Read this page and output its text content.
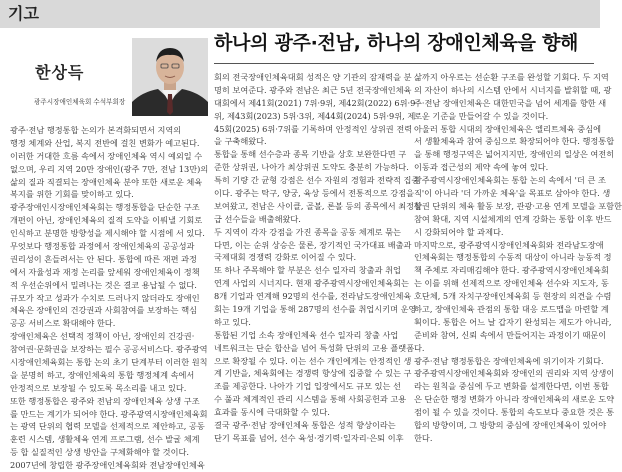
기고
하나의 광주·전남, 하나의 장애인체육을 향해
한상득
광주시장애인체육회 수석부회장
광주·전남 행정통합 논의가 본격화되면서 지역의
행정 체계와 산업, 복지 전반에 걸친 변화가 예고된다.
이러한 거대한 흐름 속에서 장애인체육 역시 예외일 수
없으며, 우리 지역 20만 장애인(광주 7만, 전남 13만)의
삶의 질과 직결되는 장애인체육 분야 또한 새로운 체육
복지를 위한 기회를 맞이하고 있다.
광주장애인시장애인체육회는 행정통합을 단순한 구조
개편이 아닌, 장애인체육의 질적 도약을 이뤄낼 기회로
인식하고 분명한 방향성을 제시해야 할 시점에 서 있다.
무엇보다 행정통합 과정에서 장애인체육의 공공성과
권리성이 흔들려서는 안 된다. 통합에 따른 재편 과정
에서 자율성과 재정 논리를 앞세워 장애인체육이 정책
적 우선순위에서 밀려나는 것은 결코 용납될 수 없다.
규모가 작고 성과가 수치로 드러나지 않더라도 장애인
체육은 장애인의 건강권과 사회참여를 보장하는 핵심
공공 서비스로 확대해야 한다.
장애인체육은 선택적 정책이 아닌, 장애인의 건강권·
참여권·문화권을 보장하는 필수 공공서비스다. 광주광역
시장애인체육회는 통합 논의 초기 단계부터 이러한 원칙
을 분명히 하고, 장애인체육의 통합 행정체계 속에서
안정적으로 보장될 수 있도록 목소리를 내고 있다.
또한 행정통합은 광주와 전남의 장애인체육 상생 구조
를 만드는 계기가 되어야 한다. 광주광역시장애인체육회
는 광역 단위의 협력 모델을 선제적으로 제안하고, 공동
훈련 시스템, 생활체육 연계 프로그램, 선수 발굴 체계
등 합 실질적인 상생 방안을 구체화해야 할 것이다.
2007년에 창립한 광주장애인체육회와 전남장애인체육
회의 전국장애인체육대회 성적은 양 기관의 잠재력을 분
명히 보여준다. 광주와 전남은 최근 5년 전국장애인체육
대회에서 제41회(2021) 7위·9위, 제42회(2022) 6위·9
위, 제43회(2023) 5위·3위, 제44회(2024) 5위·9위, 제
45회(2025) 6위·7위를 기록하며 안정적인 상위권 전력
을 구축해왔다.
통합을 통해 선수층과 종목 기반을 상호 보완한다면 구
준한 상위권, 나아가 최상위권 도약도 충분히 가능하다.
특히 기량 간 균형 강점은 선수 자원의 경험과 전략적 집중
이다. 광주는 탁구, 양궁, 육상 등에서 전통적으로 강점을
보여왔고, 전남은 사이클, 골볼, 론볼 등의 종목에서 최정상
급 선수들을 배출해왔다.
두 지역이 각자 강점을 가진 종목을 공동 체계로 묶는
다면, 이는 순위 상승은 물론, 장기적인 국가대표 배출과
국제대회 경쟁력 강화로 이어질 수 있다.
또 하나 주목해야 할 부분은 선수 일자리 창출과 취업
연계 사업의 시너지다. 현재 광주광역시장애인체육회는
8개 기업과 연계해 92명의 선수를, 전라남도장애인체육
회는 19개 기업을 통해 287명의 선수를 취업시키며 운영
하고 있다.
통합된 기업 소속 장애인체육 선수 일자리 창출 사업
네트워크는 단순 합산을 넘어 특성화 단위의 고용 플랫폼
으로 확장될 수 있다. 이는 선수 개인에게는 안정적인 생
계 기반을, 체육회에는 경쟁력 향상에 집중할 수 있는 구
조를 제공한다. 나아가 기업 입장에서도 규모 있는 선
수 풀과 체계적인 관리 시스템을 통해 사회공헌과 고용
효과를 동시에 극대화할 수 있다.
결국 광주·전남 장애인체육 통합은 성적 향상이라는
단기 목표를 넘어, 선수 육성·경기력·일자리·은퇴 이후
삶까지 아우르는 선순환 구조를 완성할 기회다. 두 지역
의 자산이 하나의 시스템 안에서 시너지를 발휘할 때, 광
주·전남 장애인체육은 대한민국을 넘어 세계를 향한 새
로운 기준을 만들어갈 수 있을 것이다.
아울러 통합 시대의 장애인체육은 엘리트체육 중심에
서 생활체육과 참여 중심으로 확장되어야 한다. 행정통합
을 통해 행정구역은 넓어지지만, 장애인의 일상은 여전히
이동과 접근성의 제약 속에 놓여 있다.
광주광역시장애인체육회는 통합 논의 속에서 '더 큰 조
직'이 아니라 '더 가까운 체육'을 목표로 삼아야 한다. 생
활권 단위의 체육 활동 보장, 관광·고용 연계 모델을 포함한
참여 확대, 지역 시설체계의 연계 강화는 통합 이후 반드
시 강화되어야 할 과제다.
마지막으로, 광주광역시장애인체육회와 전라남도장애
인체육회는 행정통합의 수동적 대상이 아니라 능동적 정
책 주체로 자리매김해야 한다. 광주광역시장애인체육회
는 이를 위해 선제적으로 장애인체육 선수와 지도자, 동
호단체, 5개 자치구장애인체육회 등 현장의 의견을 수렴
하고, 장애인체육 관점의 통합 대응 로드맵을 마련할 계
획이다. 통합은 어느 날 갑자기 완성되는 제도가 아니라,
준비와 참여, 신뢰 속에서 만들어지는 과정이기 때문이
다.
광주·전남 행정통합은 장애인체육에 위기이자 기회다.
광주광역시장애인체육회와 장애인의 권리와 지역 상생이
라는 원칙을 중심에 두고 변화를 설계한다면, 이번 통합
은 단순한 행정 변화가 아니라 장애인체육의 새로운 도약
점이 될 수 있을 것이다. 통합의 속도보다 중요한 것은 통
합의 방향이며, 그 방향의 중심에 장애인체육이 있어야
한다.
